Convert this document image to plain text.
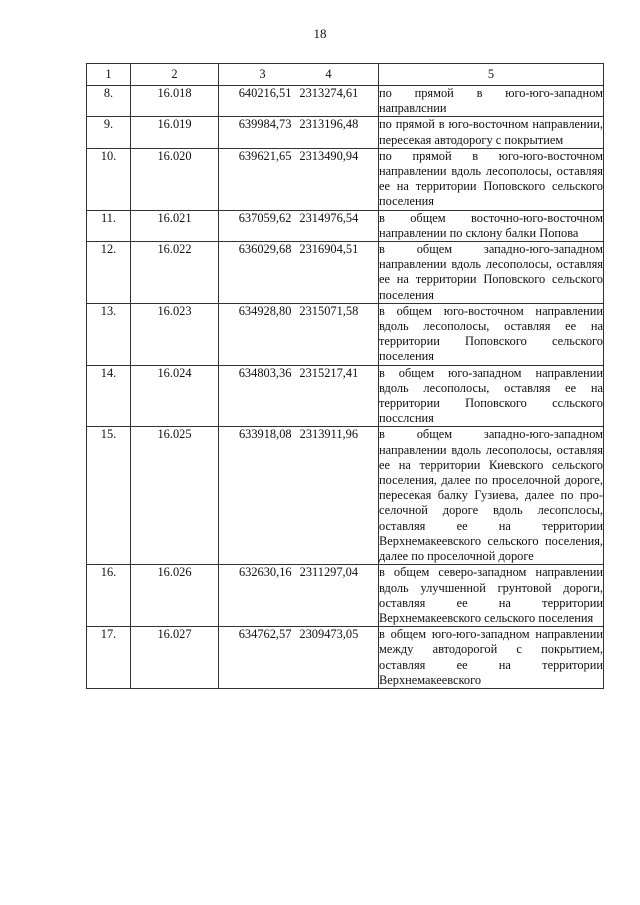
18
1	2	3 4	5
8.	16.018	640216,51 2313274,61	по прямой в юго-юго-западном направлснии
9.	16.019	639984,73 2313196,48	по прямой в юго-восточном направлении, пересекая автодорогу с покрытием
10.	16.020	639621,65 2313490,94	по прямой в юго-юго-восточном направлении вдоль лесополосы, оставляя ее на территории Поповского сельского поселения
11.	16.021	637059,62 2314976,54	в общем восточно-юго-восточном направлении по склону балки Попова
12.	16.022	636029,68 2316904,51	в общем западно-юго-западном направлении вдоль лесополосы, оставляя ее на территории Поповского сельского поселения
13.	16.023	634928,80 2315071,58	в общем юго-восточном направлении вдоль лесополосы, оставляя ее на территории Поповского сельского поселения
14.	16.024	634803,36 2315217,41	в общем юго-западном направлении вдоль лесополосы, оставляя ее на территории Поповского ссльского посслсния
15.	16.025	633918,08 2313911,96	в общем западно-юго-западном направлении вдоль лесополосы, оставляя ее на территории Киевского сельского поселения, далее по проселочной дороге, пересекая балку Гузиева, далее по проселочной дороге вдоль лесопслосы, оставляя ее на территории Верхнемакеевского сельского поселения, далее по проселочной дороге
16.	16.026	632630,16 2311297,04	в общем северо-западном направлении вдоль улучшенной грунтовой дороги, оставляя ее на территории Верхнемакеевского сельского поселения
17.	16.027	634762,57 2309473,05	в общем юго-юго-западном направлении между автодорогой с покрытием, оставляя ее на территории Верхнемакеевского
